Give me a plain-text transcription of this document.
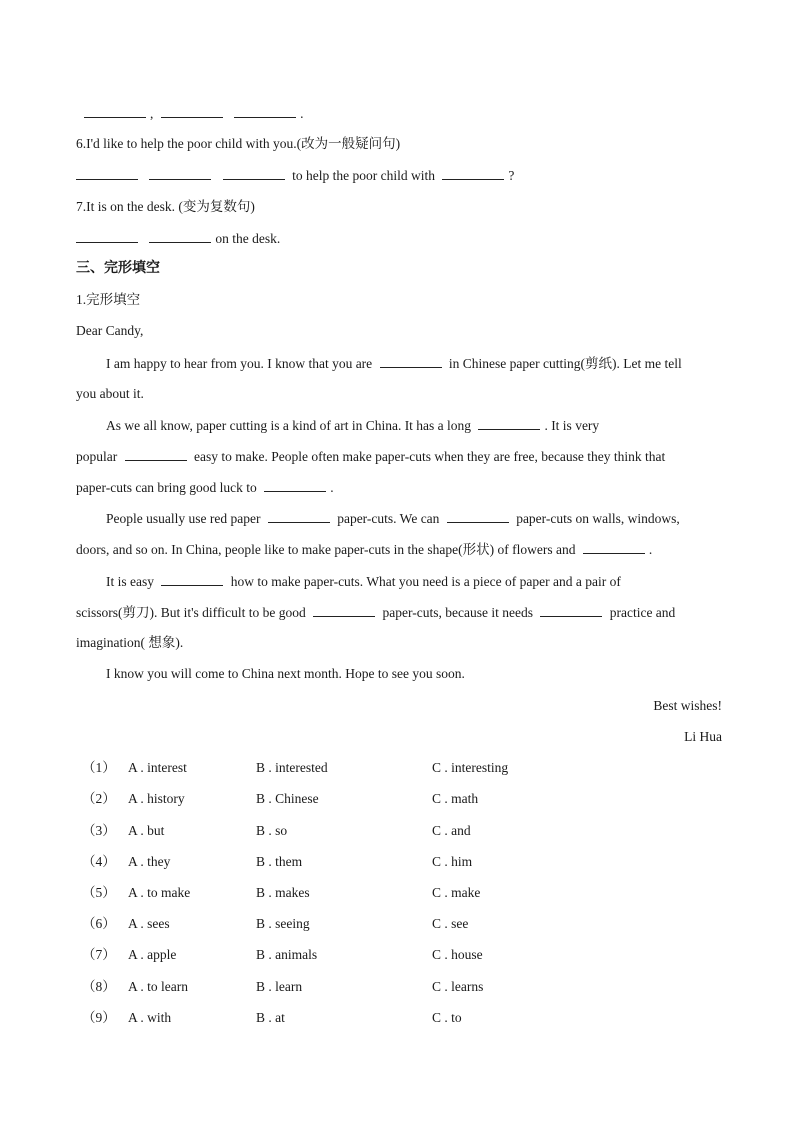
,	.
6.I'd like to help the poor child with you.(改为一般疑问句)
to help the poor child with	?
7.It is on the desk. (变为复数句)
on the desk.
三、完形填空
1.完形填空
Dear Candy,
I am happy to hear from you. I know that you are	in Chinese paper cutting(剪纸). Let me tell
you about it.
As we all know, paper cutting is a kind of art in China. It has a long	. It is very
popular	easy to make. People often make paper-cuts when they are free, because they think that
paper-cuts can bring good luck to	.
People usually use red paper	paper-cuts. We can	paper-cuts on walls, windows,
doors, and so on. In China, people like to make paper-cuts in the shape(形状) of flowers and	.
It is easy	how to make paper-cuts. What you need is a piece of paper and a pair of
scissors(剪刀). But it's difficult to be good	paper-cuts, because it needs	practice and
imagination( 想象).
I know you will come to China next month. Hope to see you soon.
Best wishes!
Li Hua
（1） A . interest	B . interested	C . interesting
（2） A . history	B . Chinese	C . math
（3） A . but	B . so	C . and
（4） A . they	B . them	C . him
（5） A . to make	B . makes	C . make
（6） A . sees	B . seeing	C . see
（7） A . apple	B . animals	C . house
（8） A . to learn	B . learn	C . learns
（9） A . with	B . at	C . to
